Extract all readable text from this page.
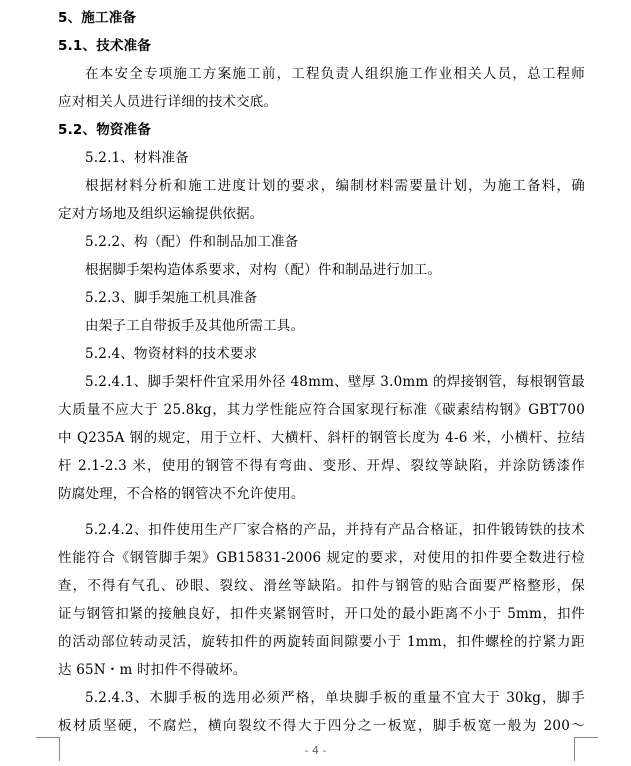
5、施工准备
5.1、技术准备
在本安全专项施工方案施工前，工程负责人组织施工作业相关人员，总工程师
应对相关人员进行详细的技术交底。
5.2、物资准备
5.2.1、材料准备
根据材料分析和施工进度计划的要求，编制材料需要量计划，为施工备料，确
定对方场地及组织运输提供依据。
5.2.2、构（配）件和制品加工准备
根据脚手架构造体系要求，对构（配）件和制品进行加工。
5.2.3、脚手架施工机具准备
由架子工自带扳手及其他所需工具。
5.2.4、物资材料的技术要求
5.2.4.1、脚手架杆件宜采用外径 48mm、壁厚 3.0mm 的焊接钢管，每根钢管最
大质量不应大于 25.8kg，其力学性能应符合国家现行标准《碳素结构钢》GBT700
中 Q235A 钢的规定，用于立杆、大横杆、斜杆的钢管长度为 4-6 米，小横杆、拉结
杆 2.1-2.3 米，使用的钢管不得有弯曲、变形、开焊、裂纹等缺陷，并涂防锈漆作
防腐处理，不合格的钢管决不允许使用。
5.2.4.2、扣件使用生产厂家合格的产品，并持有产品合格证，扣件锻铸铁的技术
性能符合《钢管脚手架》GB15831-2006 规定的要求，对使用的扣件要全数进行检
查，不得有气孔、砂眼、裂纹、滑丝等缺陷。扣件与钢管的贴合面要严格整形，保
证与钢管扣紧的接触良好，扣件夹紧钢管时，开口处的最小距离不小于 5mm，扣件
的活动部位转动灵活，旋转扣件的两旋转面间隙要小于 1mm，扣件螺栓的拧紧力距
达 65N・m 时扣件不得破坏。
5.2.4.3、木脚手板的选用必须严格，单块脚手板的重量不宜大于 30kg，脚手
板材质坚硬，不腐烂，横向裂纹不得大于四分之一板宽，脚手板宽一般为 200～
- 4 -
